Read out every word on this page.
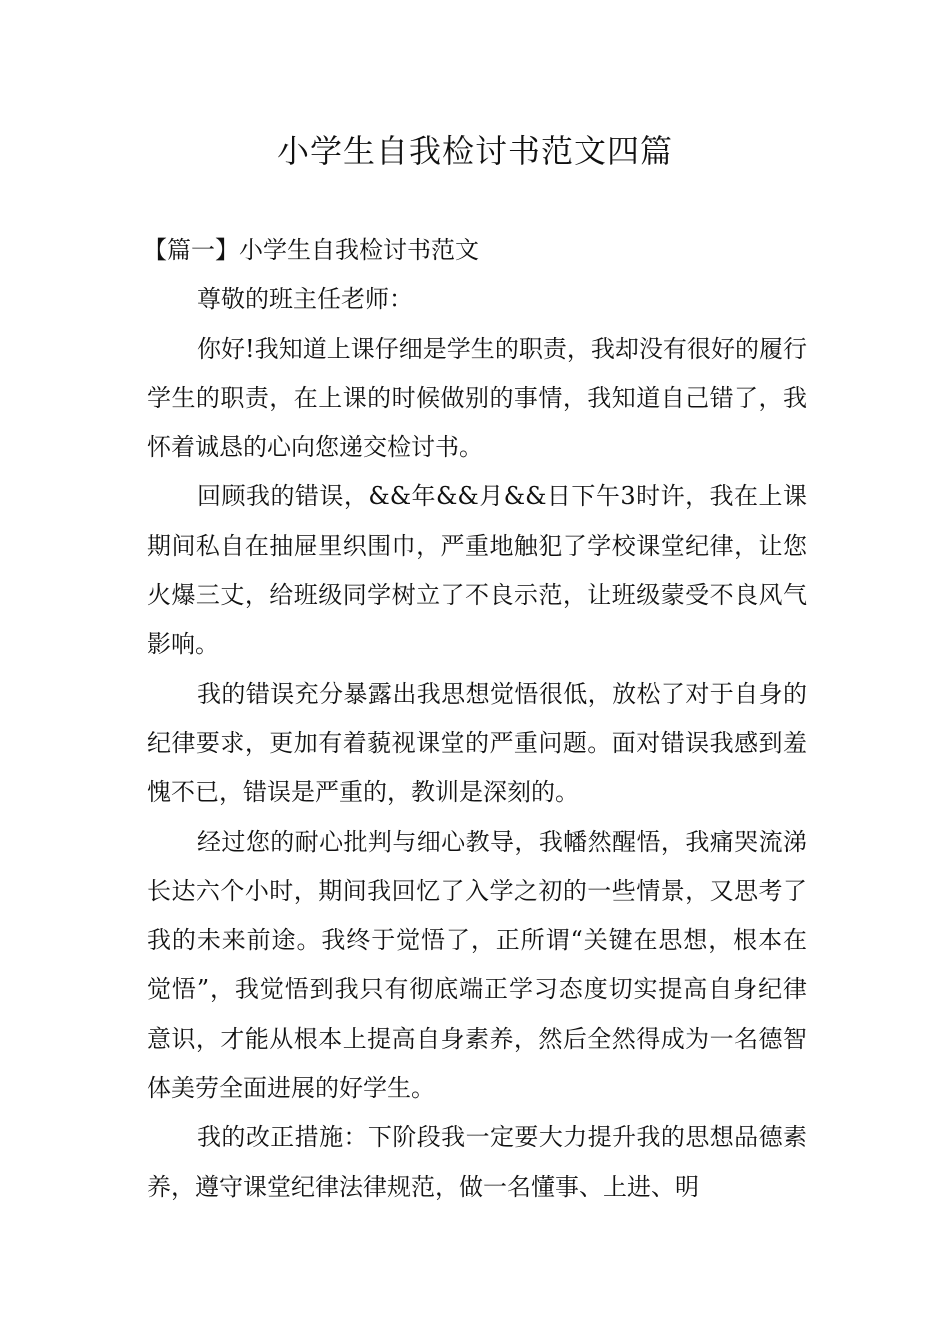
小学生自我检讨书范文四篇

【篇一】小学生自我检讨书范文

尊敬的班主任老师：

你好!我知道上课仔细是学生的职责，我却没有很好的履行学生的职责，在上课的时候做别的事情，我知道自己错了，我怀着诚恳的心向您递交检讨书。

回顾我的错误，&&年&&月&&日下午3时许，我在上课期间私自在抽屉里织围巾，严重地触犯了学校课堂纪律，让您火爆三丈，给班级同学树立了不良示范，让班级蒙受不良风气影响。

我的错误充分暴露出我思想觉悟很低，放松了对于自身的纪律要求，更加有着藐视课堂的严重问题。面对错误我感到羞愧不已，错误是严重的，教训是深刻的。

经过您的耐心批判与细心教导，我幡然醒悟，我痛哭流涕长达六个小时，期间我回忆了入学之初的一些情景，又思考了我的未来前途。我终于觉悟了，正所谓“关键在思想，根本在觉悟”，我觉悟到我只有彻底端正学习态度切实提高自身纪律意识，才能从根本上提高自身素养，然后全然得成为一名德智体美劳全面进展的好学生。

我的改正措施：下阶段我一定要大力提升我的思想品德素养，遵守课堂纪律法律规范，做一名懂事、上进、明
